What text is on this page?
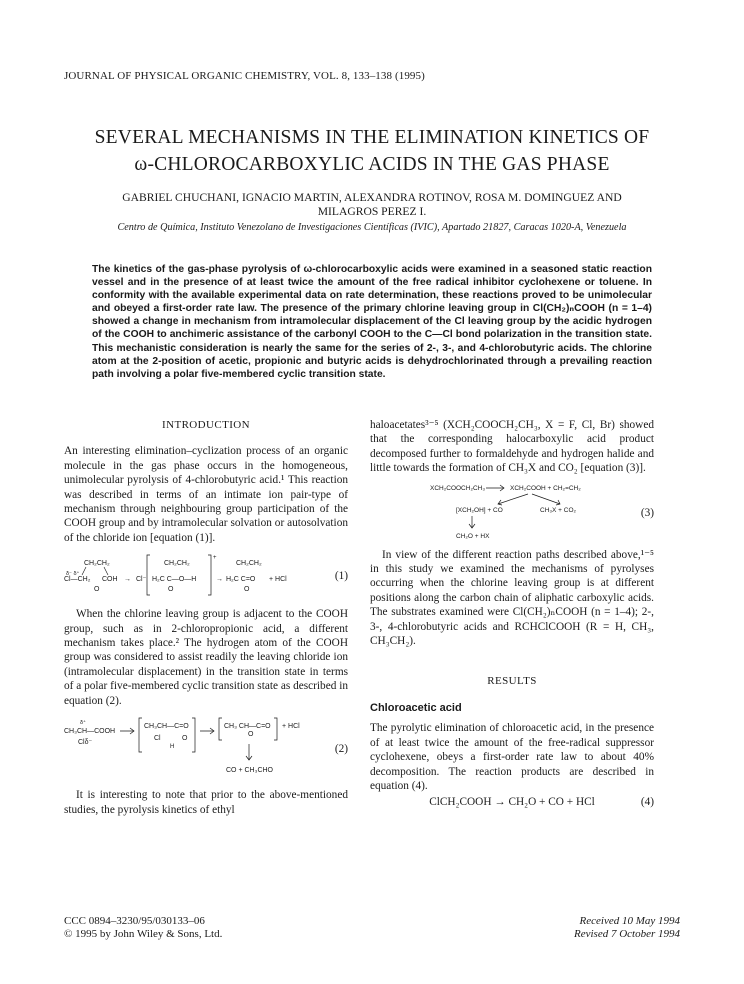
JOURNAL OF PHYSICAL ORGANIC CHEMISTRY, VOL. 8, 133–138 (1995)
SEVERAL MECHANISMS IN THE ELIMINATION KINETICS OF
ω-CHLOROCARBOXYLIC ACIDS IN THE GAS PHASE
GABRIEL CHUCHANI, IGNACIO MARTIN, ALEXANDRA ROTINOV, ROSA M. DOMINGUEZ AND
MILAGROS PEREZ I.
Centro de Química, Instituto Venezolano de Investigaciones Científicas (IVIC), Apartado 21827, Caracas 1020-A, Venezuela
The kinetics of the gas-phase pyrolysis of ω-chlorocarboxylic acids were examined in a seasoned static reaction vessel and in the presence of at least twice the amount of the free radical inhibitor cyclohexene or toluene. In conformity with the available experimental data on rate determination, these reactions proved to be unimolecular and obeyed a first-order rate law. The presence of the primary chlorine leaving group in Cl(CH₂)ₙCOOH (n = 1–4) showed a change in mechanism from intramolecular displacement of the Cl leaving group by the acidic hydrogen of the COOH to anchimeric assistance of the carbonyl COOH to the C—Cl bond polarization in the transition state. This mechanistic consideration is nearly the same for the series of 2-, 3-, and 4-chlorobutyric acids. The chlorine atom at the 2-position of acetic, propionic and butyric acids is dehydrochlorinated through a prevailing reaction path involving a polar five-membered cyclic transition state.

INTRODUCTION

An interesting elimination–cyclization process of an organic molecule in the gas phase occurs in the homogeneous, unimolecular pyrolysis of 4-chlorobutyric acid.¹ This reaction was described in terms of an intimate ion pair-type of mechanism through neighbouring group participation of the COOH group and by intramolecular solvation or autosolvation of the chloride ion [equation (1)].

CH₂CH₂
δ⁻ δ⁺
Cl—CH₂ COH
O
→ Cl⁻
CH₂CH₂
H₂C C—O—H
O
+
→
CH₂CH₂
H₂C C=O
O
+ HCl	(1)

When the chlorine leaving group is adjacent to the COOH group, such as in 2-chloropropionic acid, a different mechanism takes place.² The hydrogen atom of the COOH group was considered to assist readily the leaving chloride ion (intramolecular displacement) in the transition state in terms of a polar five-membered cyclic transition state as described in equation (2).

δ⁺
CH₃CH—COOH
Clδ⁻
CH₃CH—C=O
Cl	O
H
CH₃ CH—C=O
O
+ HCl
CO + CH₃CHO
(2)

It is interesting to note that prior to the above-mentioned studies, the pyrolysis kinetics of ethyl

haloacetates³⁻⁵ (XCH₂COOCH₂CH₃, X = F, Cl, Br) showed that the corresponding halocarboxylic acid product decomposed further to formaldehyde and hydrogen halide and little towards the formation of CH₃X and CO₂ [equation (3)].

XCH₂COOCH₂CH₃	XCH₂COOH + CH₂=CH₂
[XCH₂OH] + CO	CH₃X + CO₂
CH₂O + HX
(3)

In view of the different reaction paths described above,¹⁻⁵ in this study we examined the mechanisms of pyrolyses occurring when the chlorine leaving group is at different positions along the carbon chain of aliphatic carboxylic acids. The substrates examined were Cl(CH₂)ₙCOOH (n = 1–4); 2-, 3-, 4-chlorobutyric acids and RCHClCOOH (R = H, CH₃, CH₃CH₂).

RESULTS

Chloroacetic acid

The pyrolytic elimination of chloroacetic acid, in the presence of at least twice the amount of the free-radical suppressor cyclohexene, obeys a first-order rate law to about 40% decomposition. The reaction products are described in equation (4).

ClCH₂COOH → CH₂O + CO + HCl	(4)
CCC 0894–3230/95/030133–06
© 1995 by John Wiley & Sons, Ltd.
Received 10 May 1994
Revised 7 October 1994
